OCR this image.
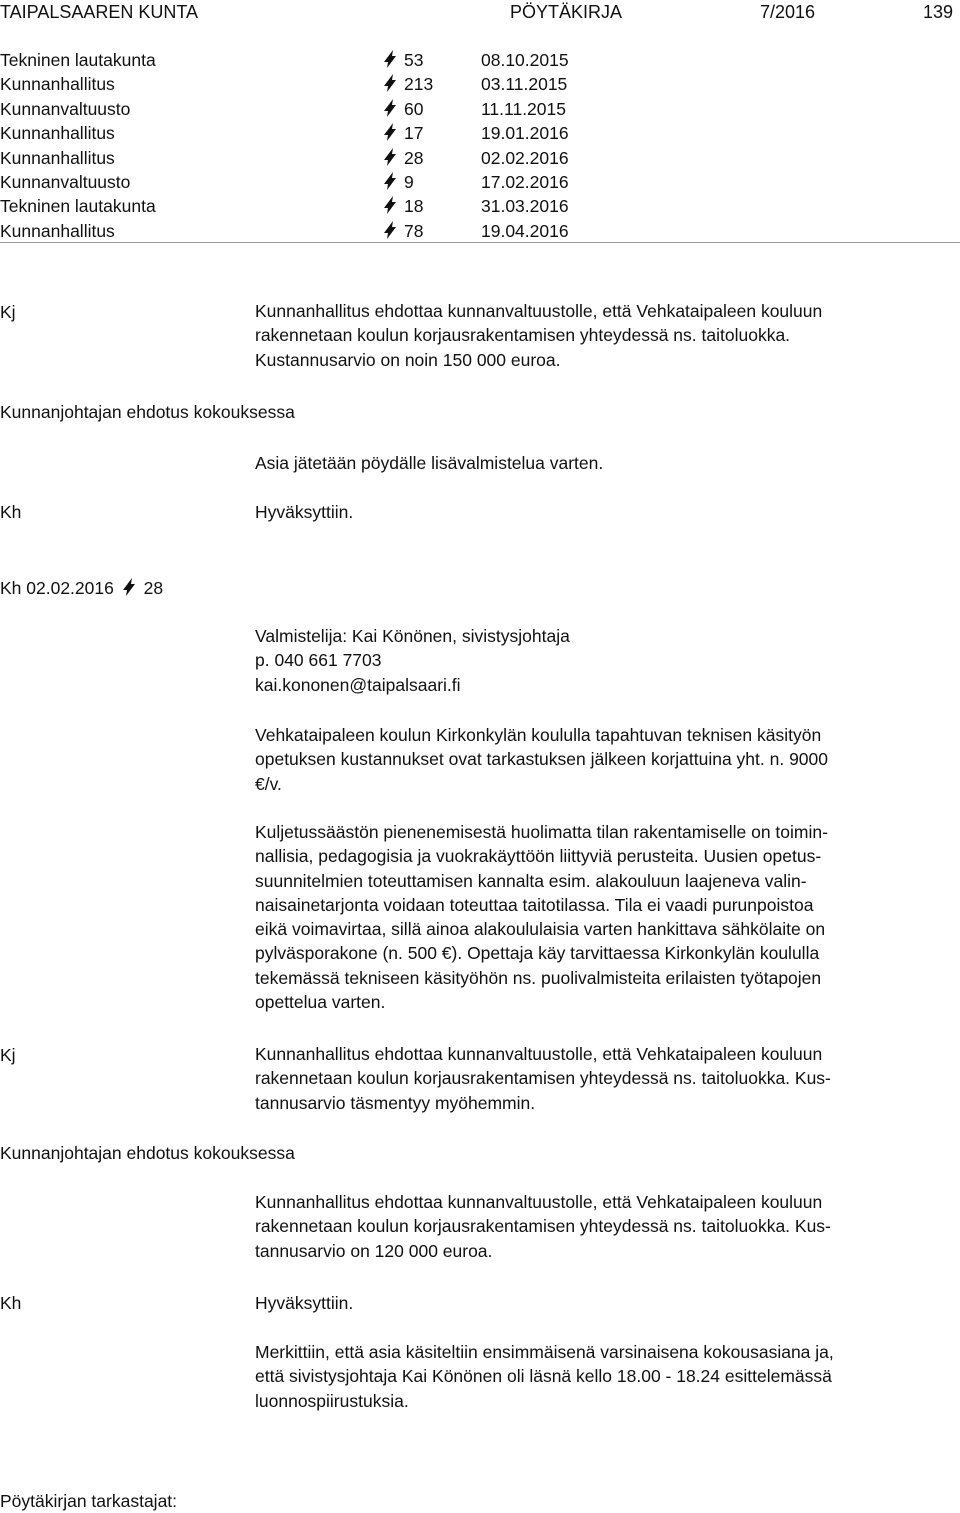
TAIPALSAAREN KUNTA	PÖYTÄKIRJA	7/2016	139
Tekninen lautakunta	53	08.10.2015
Kunnanhallitus	213	03.11.2015
Kunnanvaltuusto	60	11.11.2015
Kunnanhallitus	17	19.01.2016
Kunnanhallitus	28	02.02.2016
Kunnanvaltuusto	9	17.02.2016
Tekninen lautakunta	18	31.03.2016
Kunnanhallitus	78	19.04.2016
Kj	Kunnanhallitus ehdottaa kunnanvaltuustolle, että Vehkataipaleen kouluun

rakennetaan koulun korjausrakentamisen yhteydessä ns. taitoluokka.

Kustannusarvio on noin 150 000 euroa.

Kunnanjohtajan ehdotus kokouksessa
Asia jätetään pöydälle lisävalmistelua varten.
Kh	Hyväksyttiin.
Kh 02.02.2016 28

Valmistelija: Kai Könönen, sivistysjohtaja

p. 040 661 7703

kai.kononen@taipalsaari.fi

Vehkataipaleen koulun Kirkonkylän koululla tapahtuvan teknisen käsityön

opetuksen kustannukset ovat tarkastuksen jälkeen korjattuina yht. n. 9000

€/v.

Kuljetussäästön pienenemisestä huolimatta tilan rakentamiselle on toimin-

nallisia, pedagogisia ja vuokrakäyttöön liittyviä perusteita. Uusien opetus-

suunnitelmien toteuttamisen kannalta esim. alakouluun laajeneva valin-

naisainetarjonta voidaan toteuttaa taitotilassa. Tila ei vaadi purunpoistoa

eikä voimavirtaa, sillä ainoa alakoululaisia varten hankittava sähkölaite on

pylväsporakone (n. 500 €). Opettaja käy tarvittaessa Kirkonkylän koululla

tekemässä tekniseen käsityöhön ns. puolivalmisteita erilaisten työtapojen

opettelua varten.

Kj	Kunnanhallitus ehdottaa kunnanvaltuustolle, että Vehkataipaleen kouluun

rakennetaan koulun korjausrakentamisen yhteydessä ns. taitoluokka. Kus-

tannusarvio täsmentyy myöhemmin.

Kunnanjohtajan ehdotus kokouksessa

Kunnanhallitus ehdottaa kunnanvaltuustolle, että Vehkataipaleen kouluun

rakennetaan koulun korjausrakentamisen yhteydessä ns. taitoluokka. Kus-

tannusarvio on 120 000 euroa.

Kh	Hyväksyttiin.

Merkittiin, että asia käsiteltiin ensimmäisenä varsinaisena kokousasiana ja,

että sivistysjohtaja Kai Könönen oli läsnä kello 18.00 - 18.24 esittelemässä

luonnospiirustuksia.

Pöytäkirjan tarkastajat:
